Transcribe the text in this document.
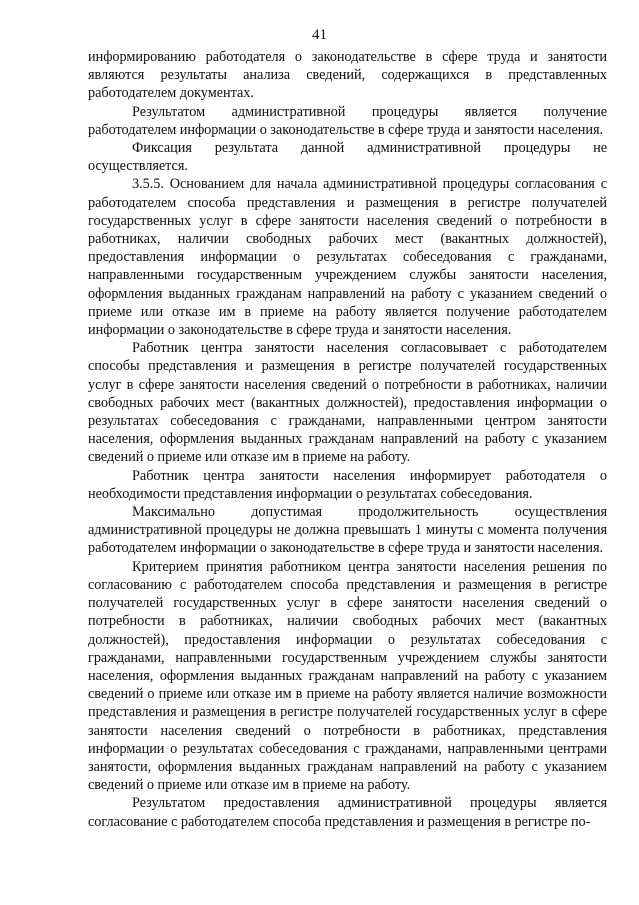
41

информированию работодателя о законодательстве в сфере труда и занятости являются результаты анализа сведений, содержащихся в представленных работодателем документах.

Результатом административной процедуры является получение работодателем информации о законодательстве в сфере труда и занятости населения.

Фиксация результата данной административной процедуры не осуществляется.

3.5.5. Основанием для начала административной процедуры согласования с работодателем способа представления и размещения в регистре получателей государственных услуг в сфере занятости населения сведений о потребности в работниках, наличии свободных рабочих мест (вакантных должностей), предоставления информации о результатах собеседования с гражданами, направленными государственным учреждением службы занятости населения, оформления выданных гражданам направлений на работу с указанием сведений о приеме или отказе им в приеме на работу является получение работодателем информации о законодательстве в сфере труда и занятости населения.

Работник центра занятости населения согласовывает с работодателем способы представления и размещения в регистре получателей государственных услуг в сфере занятости населения сведений о потребности в работниках, наличии свободных рабочих мест (вакантных должностей), предоставления информации о результатах собеседования с гражданами, направленными центром занятости населения, оформления выданных гражданам направлений на работу с указанием сведений о приеме или отказе им в приеме на работу.

Работник центра занятости населения информирует работодателя о необходимости представления информации о результатах собеседования.

Максимально допустимая продолжительность осуществления административной процедуры не должна превышать 1 минуты с момента получения работодателем информации о законодательстве в сфере труда и занятости населения.

Критерием принятия работником центра занятости населения решения по согласованию с работодателем способа представления и размещения в регистре получателей государственных услуг в сфере занятости населения сведений о потребности в работниках, наличии свободных рабочих мест (вакантных должностей), предоставления информации о результатах собеседования с гражданами, направленными государственным учреждением службы занятости населения, оформления выданных гражданам направлений на работу с указанием сведений о приеме или отказе им в приеме на работу является наличие возможности представления и размещения в регистре получателей государственных услуг в сфере занятости населения сведений о потребности в работниках, представления информации о результатах собеседования с гражданами, направленными центрами занятости, оформления выданных гражданам направлений на работу с указанием сведений о приеме или отказе им в приеме на работу.

Результатом предоставления административной процедуры является согласование с работодателем способа представления и размещения в регистре по-
